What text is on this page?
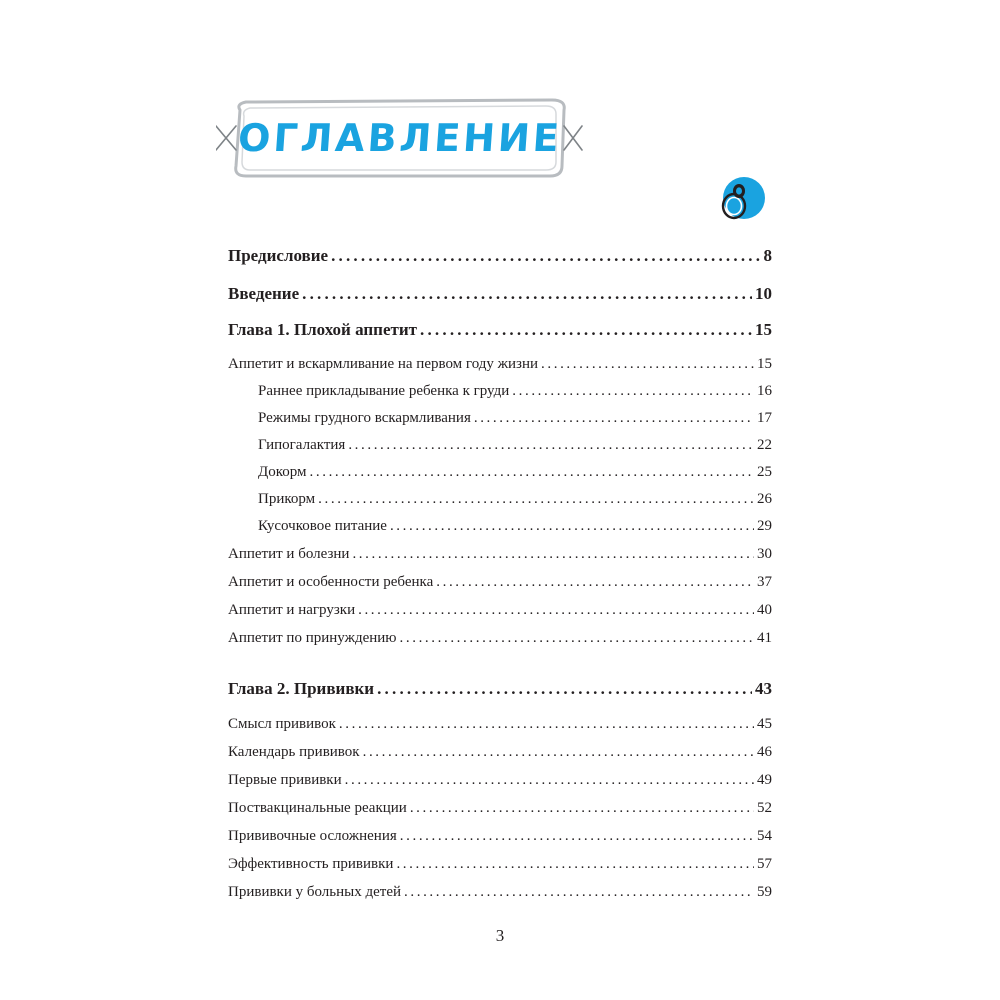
ОГЛАВЛЕНИЕ
Предисловие .....	8
Введение .....	10
Глава 1. Плохой аппетит .....	15
Аппетит и вскармливание на первом году жизни .....	15
Раннее прикладывание ребенка к груди .....	16
Режимы грудного вскармливания .....	17
Гипогалактия .....	22
Докорм .....	25
Прикорм .....	26
Кусочковое питание .....	29
Аппетит и болезни .....	30
Аппетит и особенности ребенка .....	37
Аппетит и нагрузки .....	40
Аппетит по принуждению .....	41
Глава 2. Прививки .....	43
Смысл прививок .....	45
Календарь прививок .....	46
Первые прививки .....	49
Поствакцинальные реакции .....	52
Прививочные осложнения .....	54
Эффективность прививки .....	57
Прививки у больных детей .....	59
3
